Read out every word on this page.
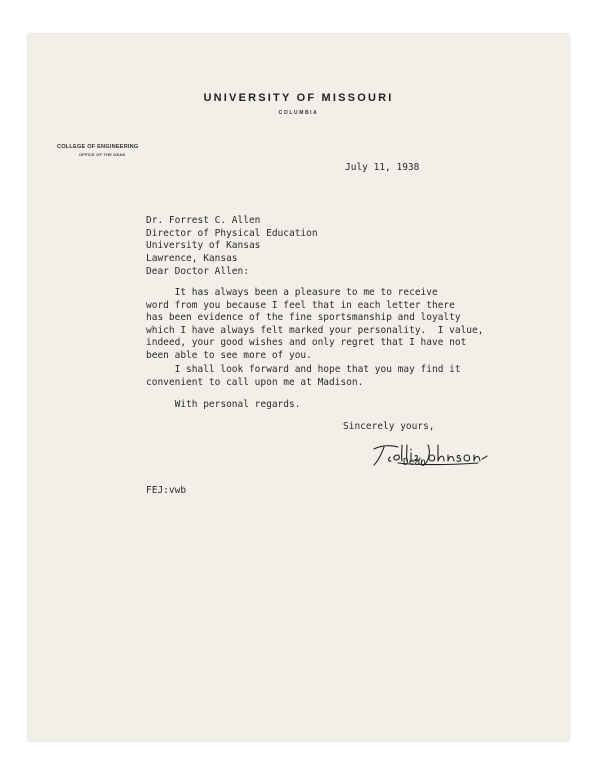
UNIVERSITY OF MISSOURI
COLUMBIA
COLLEGE OF ENGINEERING
OFFICE OF THE DEAN
July 11, 1938
Dr. Forrest C. Allen
Director of Physical Education
University of Kansas
Lawrence, Kansas
Dear Doctor Allen:
It has always been a pleasure to me to receive
word from you because I feel that in each letter there
has been evidence of the fine sportsmanship and loyalty
which I have always felt marked your personality.  I value,
indeed, your good wishes and only regret that I have not
been able to see more of you.
I shall look forward and hope that you may find it
convenient to call upon me at Madison.
With personal regards.
Sincerely yours,
Dean
FEJ:vwb
